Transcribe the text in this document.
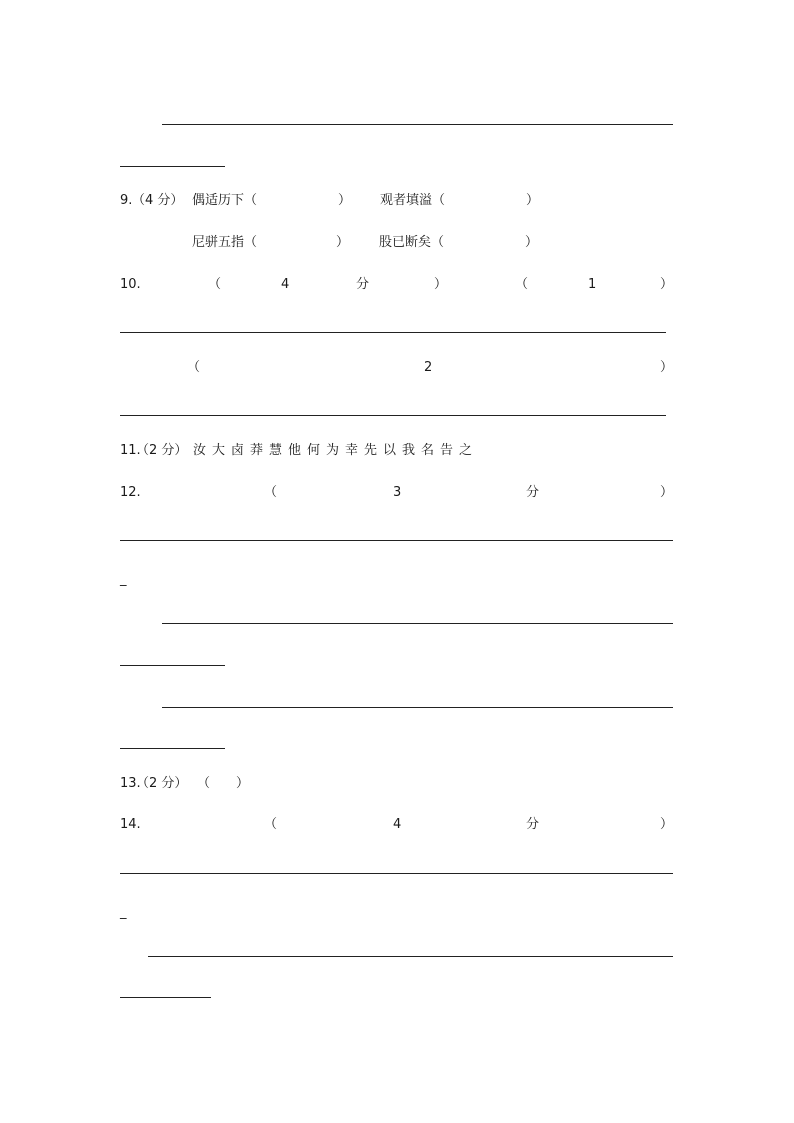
9. （4 分） 偶适历下（	） 观者填溢（	）
尼骈五指（	） 股已断矣（	）
10.	（	4	分	）	（	1	）
（	2	）
11.
（2 分） 汝大卤莽慧他何为幸先以我名告之
12.	（	3	分	）
_
13.
（2 分） （　　）
14.	（	4	分	）
_
